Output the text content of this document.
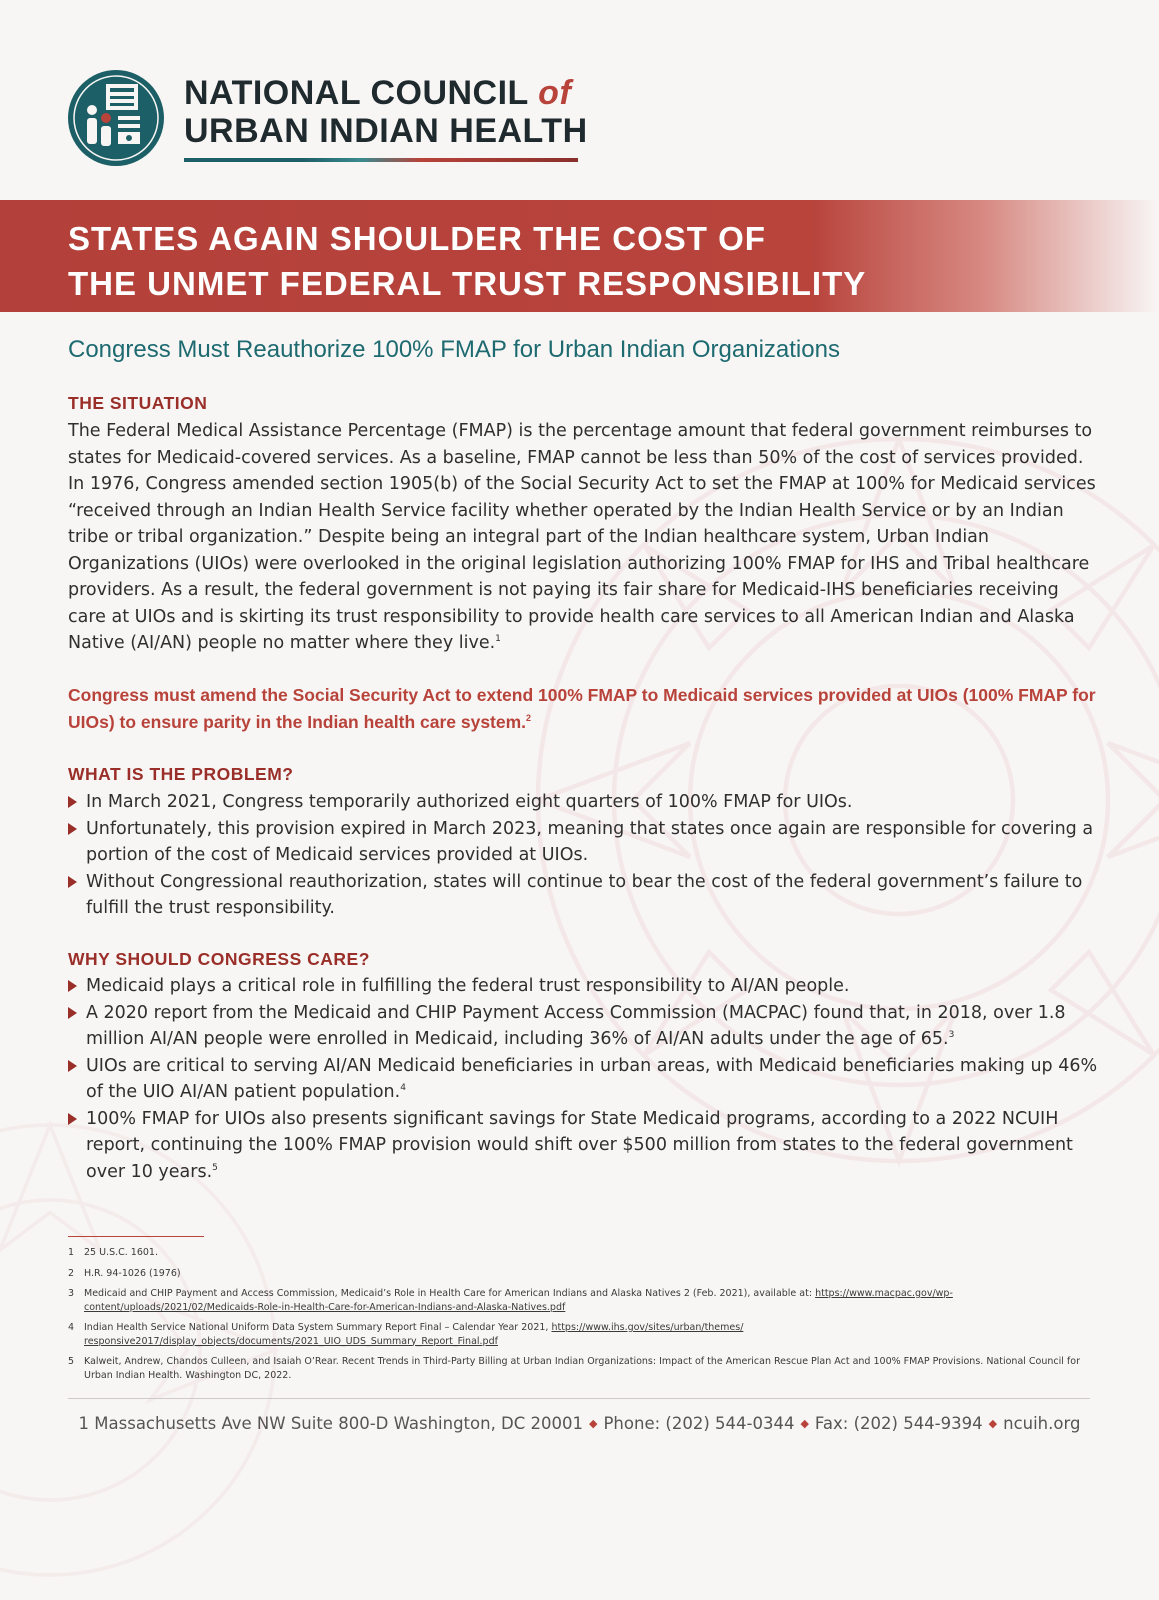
NATIONAL COUNCIL of
URBAN INDIAN HEALTH
STATES AGAIN SHOULDER THE COST OF
THE UNMET FEDERAL TRUST RESPONSIBILITY
Congress Must Reauthorize 100% FMAP for Urban Indian Organizations
THE SITUATION
The Federal Medical Assistance Percentage (FMAP) is the percentage amount that federal government reimburses to states for Medicaid-covered services. As a baseline, FMAP cannot be less than 50% of the cost of services provided. In 1976, Congress amended section 1905(b) of the Social Security Act to set the FMAP at 100% for Medicaid services “received through an Indian Health Service facility whether operated by the Indian Health Service or by an Indian tribe or tribal organization.” Despite being an integral part of the Indian healthcare system, Urban Indian Organizations (UIOs) were overlooked in the original legislation authorizing 100% FMAP for IHS and Tribal healthcare providers. As a result, the federal government is not paying its fair share for Medicaid-IHS beneficiaries receiving care at UIOs and is skirting its trust responsibility to provide health care services to all American Indian and Alaska Native (AI/AN) people no matter where they live.$^1$
Congress must amend the Social Security Act to extend 100% FMAP to Medicaid services provided at UIOs (100% FMAP for UIOs) to ensure parity in the Indian health care system.$^2$
WHAT IS THE PROBLEM?
In March 2021, Congress temporarily authorized eight quarters of 100% FMAP for UIOs.
Unfortunately, this provision expired in March 2023, meaning that states once again are responsible for covering a portion of the cost of Medicaid services provided at UIOs.
Without Congressional reauthorization, states will continue to bear the cost of the federal government’s failure to fulfill the trust responsibility.
WHY SHOULD CONGRESS CARE?
Medicaid plays a critical role in fulfilling the federal trust responsibility to AI/AN people.
A 2020 report from the Medicaid and CHIP Payment Access Commission (MACPAC) found that, in 2018, over 1.8 million AI/AN people were enrolled in Medicaid, including 36% of AI/AN adults under the age of 65.$^3$
UIOs are critical to serving AI/AN Medicaid beneficiaries in urban areas, with Medicaid beneficiaries making up 46% of the UIO AI/AN patient population.$^4$
100% FMAP for UIOs also presents significant savings for State Medicaid programs, according to a 2022 NCUIH report, continuing the 100% FMAP provision would shift over $500 million from states to the federal government over 10 years.$^5$
1	25 U.S.C. 1601.
2	H.R. 94-1026 (1976)
3	Medicaid and CHIP Payment and Access Commission, Medicaid’s Role in Health Care for American Indians and Alaska Natives 2 (Feb. 2021), available at: https://www.macpac.gov/wp-content/uploads/2021/02/Medicaids-Role-in-Health-Care-for-American-Indians-and-Alaska-Natives.pdf
4	Indian Health Service National Uniform Data System Summary Report Final – Calendar Year 2021, https://www.ihs.gov/sites/urban/themes/ responsive2017/display_objects/documents/2021_UIO_UDS_Summary_Report_Final.pdf
5	Kalweit, Andrew, Chandos Culleen, and Isaiah O’Rear. Recent Trends in Third-Party Billing at Urban Indian Organizations: Impact of the American Rescue Plan Act and 100% FMAP Provisions. National Council for Urban Indian Health. Washington DC, 2022.
1 Massachusetts Ave NW Suite 800-D Washington, DC 20001 ◆ Phone: (202) 544-0344 ◆ Fax: (202) 544-9394 ◆ ncuih.org
